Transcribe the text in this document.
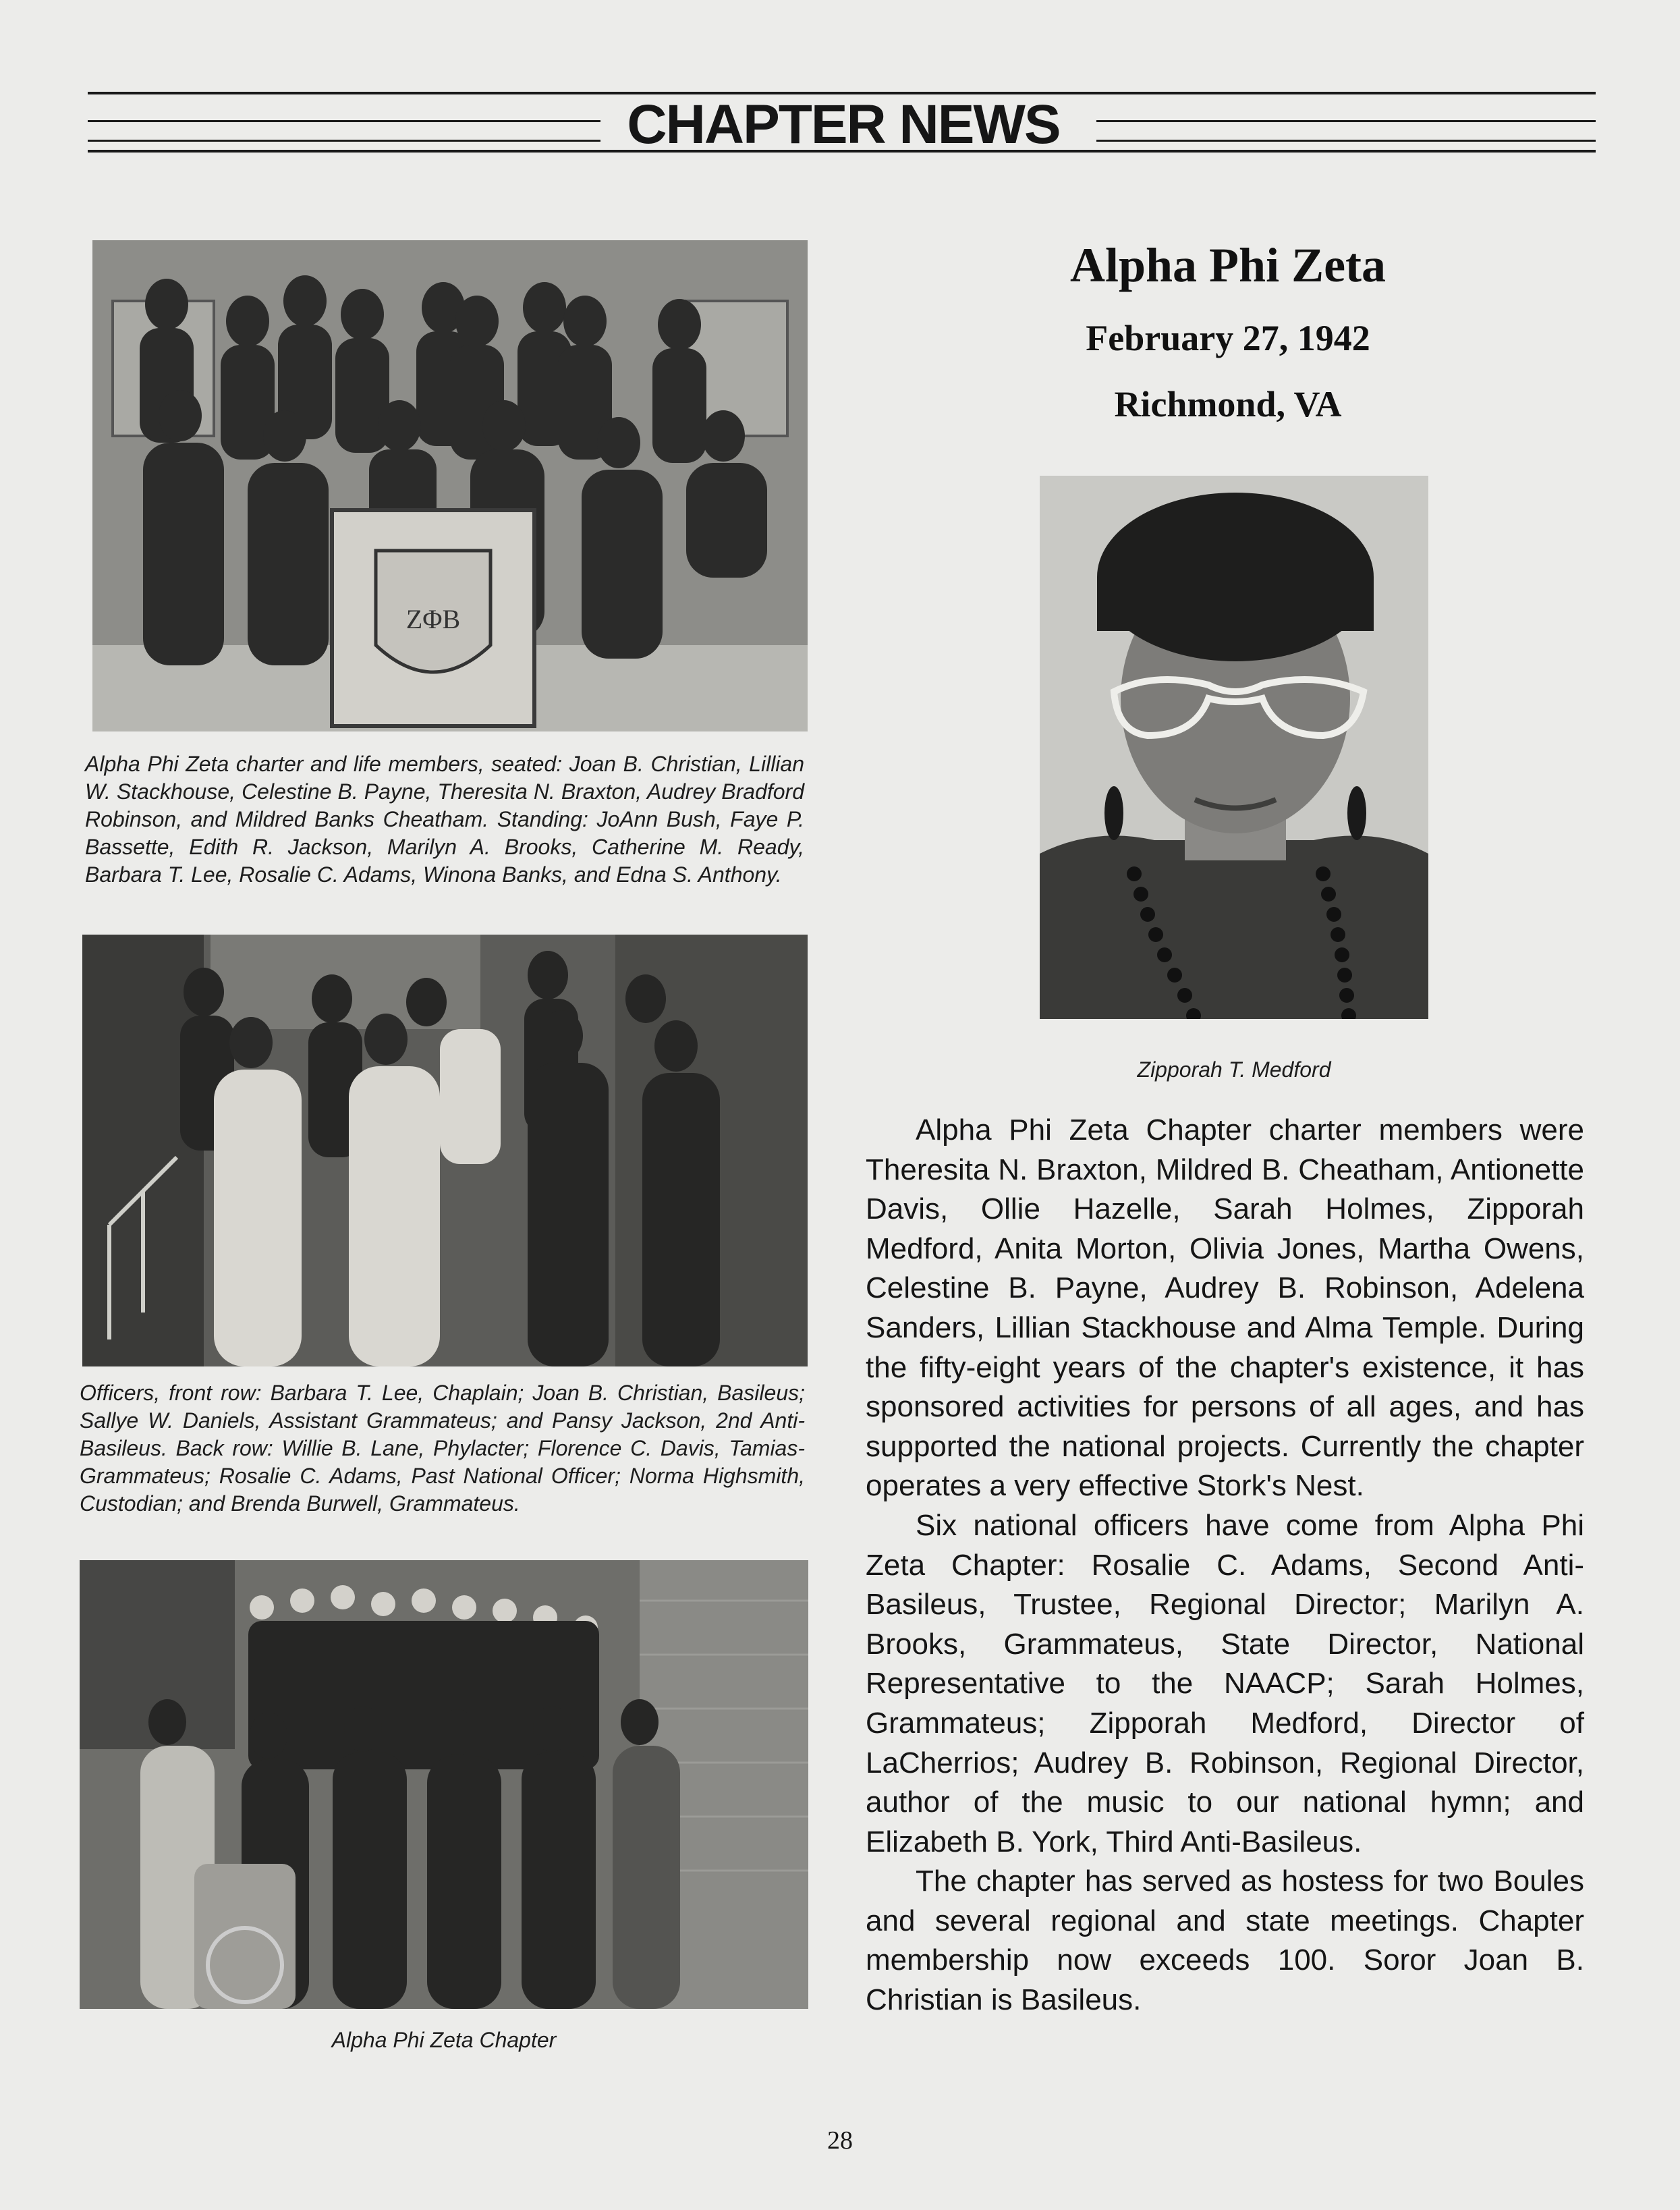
CHAPTER NEWS
ZΦB
Alpha Phi Zeta charter and life members, seated: Joan B. Christian, Lillian W. Stackhouse, Celestine B. Payne, Theresita N. Braxton, Audrey Bradford Robinson, and Mildred Banks Cheatham. Standing: JoAnn Bush, Faye P. Bassette, Edith R. Jackson, Marilyn A. Brooks, Catherine M. Ready, Barbara T. Lee, Rosalie C. Adams, Winona Banks, and Edna S. Anthony.
Officers, front row: Barbara T. Lee, Chaplain; Joan B. Christian, Basileus; Sallye W. Daniels, Assistant Grammateus; and Pansy Jackson, 2nd Anti-Basileus. Back row: Willie B. Lane, Phylacter; Florence C. Davis, Tamias-Grammateus; Rosalie C. Adams, Past National Officer; Norma Highsmith, Custodian; and Brenda Burwell, Grammateus.
Alpha Phi Zeta Chapter
Alpha Phi Zeta
February 27, 1942
Richmond, VA
Zipporah T. Medford

Alpha Phi Zeta Chapter charter members were Theresita N. Braxton, Mildred B. Cheatham, Antionette Davis, Ollie Hazelle, Sarah Holmes, Zipporah Medford, Anita Morton, Olivia Jones, Martha Owens, Celestine B. Payne, Audrey B. Robinson, Adelena Sanders, Lillian Stackhouse and Alma Temple. During the fifty-eight years of the chapter's existence, it has sponsored activities for persons of all ages, and has supported the national projects. Currently the chapter operates a very effective Stork's Nest.

Six national officers have come from Alpha Phi Zeta Chapter: Rosalie C. Adams, Second Anti-Basileus, Trustee, Regional Director; Marilyn A. Brooks, Grammateus, State Director, National Representative to the NAACP; Sarah Holmes, Grammateus; Zipporah Medford, Director of LaCherrios; Audrey B. Robinson, Regional Director, author of the music to our national hymn; and Elizabeth B. York, Third Anti-Basileus.

The chapter has served as hostess for two Boules and several regional and state meetings. Chapter membership now exceeds 100. Soror Joan B. Christian is Basileus.

28
